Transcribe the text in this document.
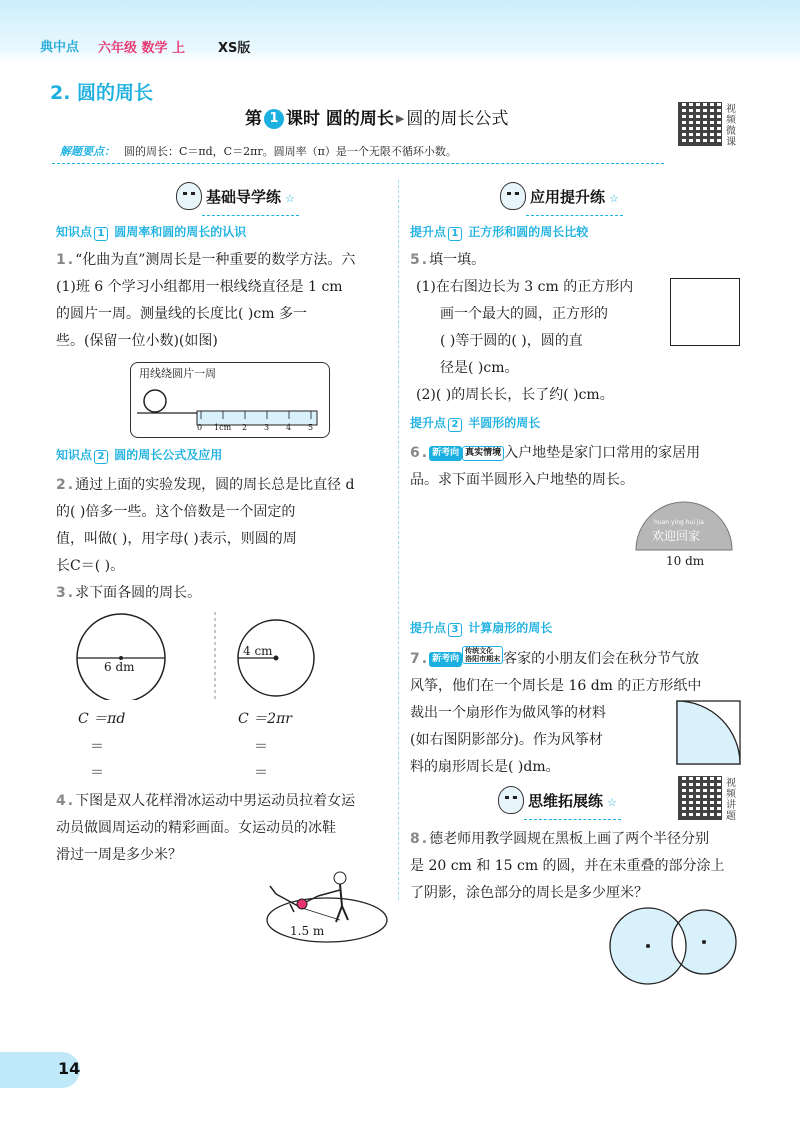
典中点 六年级 数学 上	XS版
2. 圆的周长
第 1 课时 圆的周长 ▶ 圆的周长公式	视频微课
解题要点： 圆的周长：C＝πd，C＝2πr。圆周率（π）是一个无限不循环小数。
基础导学练 ☆
知识点 1 圆周率和圆的周长的认识
1 . “化曲为直”测周长是一种重要的数学方法。六
(1)班 6 个学习小组都用一根线绕直径是 1 cm
的圆片一周。测量线的长度比( )cm 多一
些。(保留一位小数)(如图)
用线绕圆片一周
0 1cm 2 3 4 5
知识点 2 圆的周长公式及应用
2 . 通过上面的实验发现，圆的周长总是比直径 d
的( )倍多一些。这个倍数是一个固定的
值，叫做( )，用字母( )表示，则圆的周
长C＝( )。
3 . 求下面各圆的周长。
6 dm
4 cm
C ＝πd	C ＝2πr
＝
＝
＝
＝
4 . 下图是双人花样滑冰运动中男运动员拉着女运
动员做圆周运动的精彩画面。女运动员的冰鞋
滑过一周是多少米？
1.5 m
应用提升练 ☆
提升点 1 正方形和圆的周长比较
5 . 填一填。
(1)在右图边长为 3 cm 的正方形内
画一个最大的圆，正方形的
( )等于圆的( )，圆的直
径是( )cm。
(2)( )的周长长，长了约( )cm。
提升点 2 半圆形的周长
6 . 新考向 真实情境 入户地垫是家门口常用的家居用
品。求下面半圆形入户地垫的周长。
huan ying hui jia
欢迎回家
10 dm
提升点 3 计算扇形的周长
7 . 新考向传统文化
洛阳市期末 客家的小朋友们会在秋分节气放
风筝，他们在一个周长是 16 dm 的正方形纸中
裁出一个扇形作为做风筝的材料
(如右图阴影部分)。作为风筝材
料的扇形周长是( )dm。
思维拓展练 ☆
视频讲题
8 . 德老师用教学圆规在黑板上画了两个半径分别
是 20 cm 和 15 cm 的圆，并在未重叠的部分涂上
了阴影，涂色部分的周长是多少厘米？
14
